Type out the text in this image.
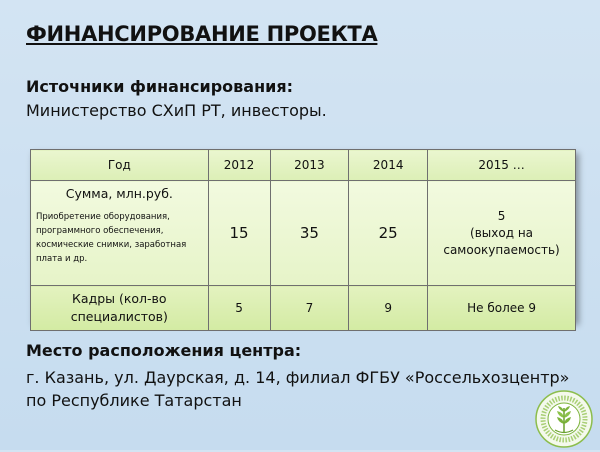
ФИНАНСИРОВАНИЕ ПРОЕКТА
Источники финансирования:

Министерство СХиП РТ, инвесторы.

Год	2012	2013	2014	2015 …

Сумма, млн.руб.
Приобретение оборудования, программного обеспечения, космические снимки, заработная плата и др.	15	35	25	5
(выход на
самоокупаемость)
Кадры (кол-во
специалистов)	5	7	9	Не более 9
Место расположения центра:

г. Казань, ул. Даурская, д. 14, филиал ФГБУ «Россельхозцентр»

по Республике Татарстан
